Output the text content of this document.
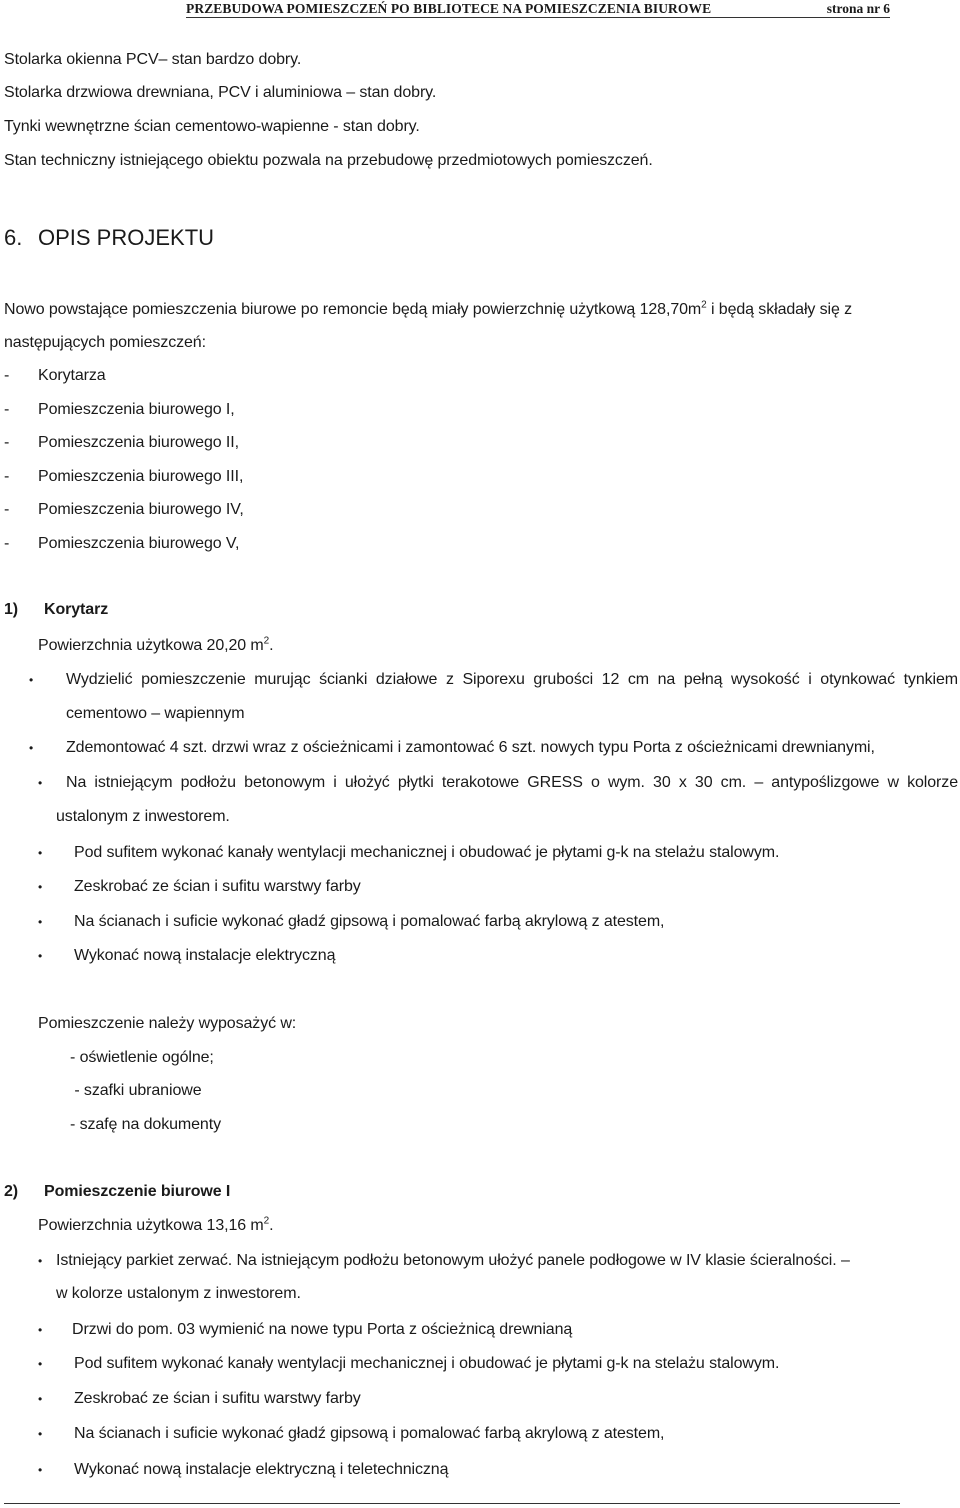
PRZEBUDOWA POMIESZCZEŃ PO BIBLIOTECE NA POMIESZCZENIA BIUROWE	strona nr 6
Stolarka okienna PCV– stan bardzo dobry.
Stolarka drzwiowa drewniana, PCV i aluminiowa – stan dobry.
Tynki wewnętrzne ścian cementowo-wapienne - stan dobry.
Stan techniczny istniejącego obiektu pozwala na przebudowę przedmiotowych pomieszczeń.
6. OPIS PROJEKTU
Nowo powstające pomieszczenia biurowe po remoncie będą miały powierzchnię użytkową $128,70m^2$ i będą składały się z
następujących pomieszczeń:
- Korytarza
- Pomieszczenia biurowego I,
- Pomieszczenia biurowego II,
- Pomieszczenia biurowego III,
- Pomieszczenia biurowego IV,
- Pomieszczenia biurowego V,
1) Korytarz
Powierzchnia użytkowa 20,20 $m^2$.
• Wydzielić pomieszczenie murując ścianki działowe z Siporexu grubości 12 cm na pełną wysokość i otynkować tynkiem
cementowo – wapiennym
• Zdemontować 4 szt. drzwi wraz z ościeżnicami i zamontować 6 szt. nowych typu Porta z ościeżnicami drewnianymi,
• Na istniejącym podłożu betonowym i ułożyć płytki terakotowe GRESS o wym. 30 x 30 cm. – antypoślizgowe w kolorze
ustalonym z inwestorem.
• Pod sufitem wykonać kanały wentylacji mechanicznej i obudować je płytami g-k na stelażu stalowym.
• Zeskrobać ze ścian i sufitu warstwy farby
• Na ścianach i suficie wykonać gładź gipsową i pomalować farbą akrylową z atestem,
• Wykonać nową instalacje elektryczną
Pomieszczenie należy wyposażyć w:
- oświetlenie ogólne;
- szafki ubraniowe
- szafę na dokumenty
2) Pomieszczenie biurowe I
Powierzchnia użytkowa 13,16 $m^2$.
• Istniejący parkiet zerwać. Na istniejącym podłożu betonowym ułożyć panele podłogowe w IV klasie ścieralności. –
w kolorze ustalonym z inwestorem.
• Drzwi do pom. 03 wymienić na nowe typu Porta z ościeżnicą drewnianą
• Pod sufitem wykonać kanały wentylacji mechanicznej i obudować je płytami g-k na stelażu stalowym.
• Zeskrobać ze ścian i sufitu warstwy farby
• Na ścianach i suficie wykonać gładź gipsową i pomalować farbą akrylową z atestem,
• Wykonać nową instalacje elektryczną i teletechniczną
